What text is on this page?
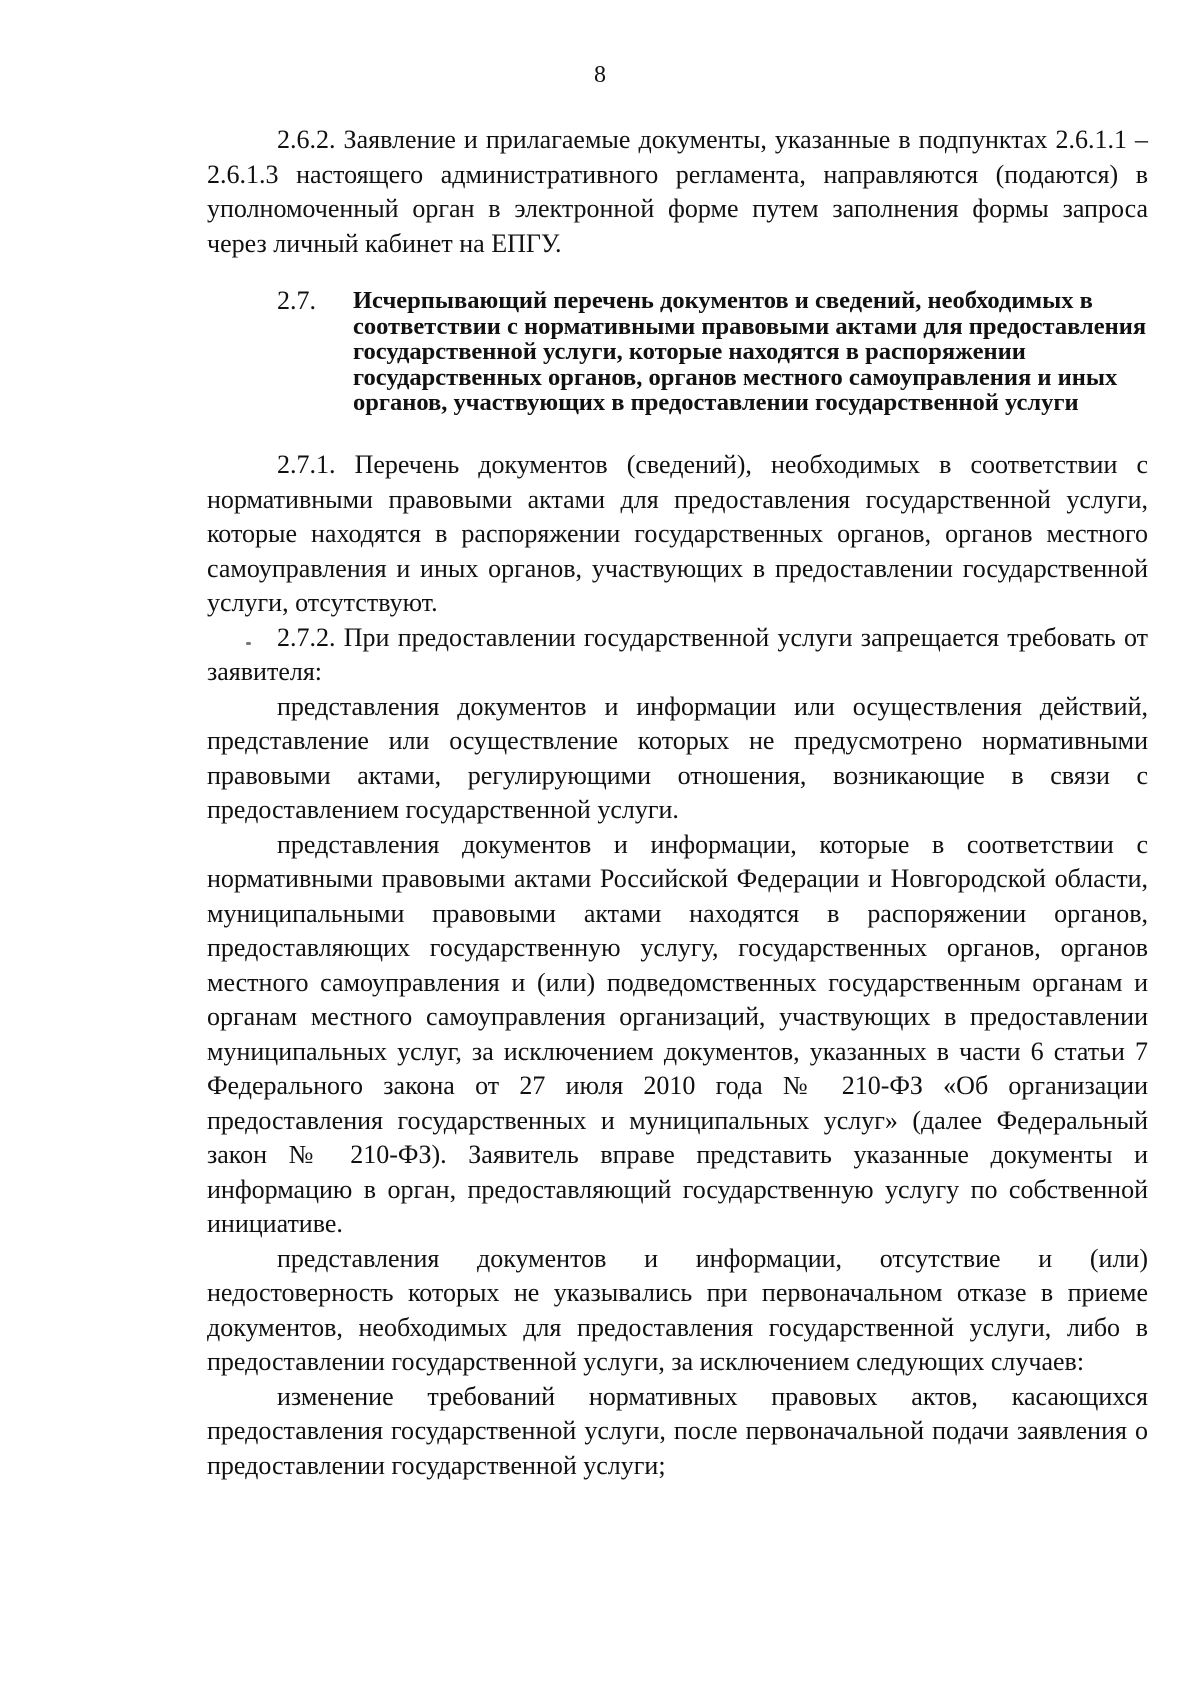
8

2.6.2. Заявление и прилагаемые документы, указанные в подпунктах 2.6.1.1 – 2.6.1.3 настоящего административного регламента, направляются (подаются) в уполномоченный орган в электронной форме путем заполнения формы запроса через личный кабинет на ЕПГУ.

2.7. Исчерпывающий перечень документов и сведений, необходимых в соответствии с нормативными правовыми актами для предоставления государственной услуги, которые находятся в распоряжении государственных органов, органов местного самоуправления и иных органов, участвующих в предоставлении государственной услуги

2.7.1. Перечень документов (сведений), необходимых в соответствии с нормативными правовыми актами для предоставления государственной услуги, которые находятся в распоряжении государственных органов, органов местного самоуправления и иных органов, участвующих в предоставлении государственной услуги, отсутствуют.

2.7.2. При предоставлении государственной услуги запрещается требовать от заявителя:

представления документов и информации или осуществления действий, представление или осуществление которых не предусмотрено нормативными правовыми актами, регулирующими отношения, возникающие в связи с предоставлением государственной услуги.

представления документов и информации, которые в соответствии с нормативными правовыми актами Российской Федерации и Новгородской области, муниципальными правовыми актами находятся в распоряжении органов, предоставляющих государственную услугу, государственных органов, органов местного самоуправления и (или) подведомственных государственным органам и органам местного самоуправления организаций, участвующих в предоставлении муниципальных услуг, за исключением документов, указанных в части 6 статьи 7 Федерального закона от 27 июля 2010 года № 210-ФЗ «Об организации предоставления государственных и муниципальных услуг» (далее Федеральный закон № 210-ФЗ). Заявитель вправе представить указанные документы и информацию в орган, предоставляющий государственную услугу по собственной инициативе.

представления документов и информации, отсутствие и (или) недостоверность которых не указывались при первоначальном отказе в приеме документов, необходимых для предоставления государственной услуги, либо в предоставлении государственной услуги, за исключением следующих случаев:

изменение требований нормативных правовых актов, касающихся предоставления государственной услуги, после первоначальной подачи заявления о предоставлении государственной услуги;
